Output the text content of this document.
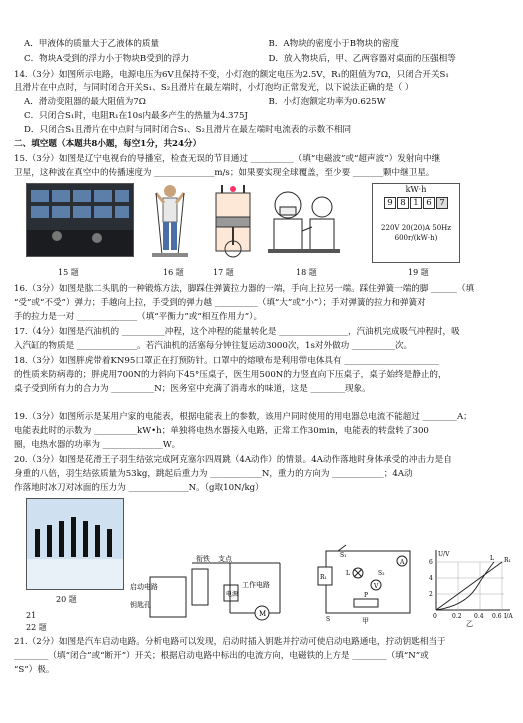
A．甲液体的质量大于乙液体的质量	B．A物块的密度小于B物块的密度
C．物块A受到的浮力小于物块B受到的浮力	D．放入物块后，甲、乙两容器对桌面的压强相等
14.（3分）如图所示电路，电源电压为6V且保持不变，小灯泡的额定电压为2.5V，R₁的阻值为7Ω，只闭合开关S₁
且滑片在中点时，与同时闭合开关S₁、S₂且滑片在最左端时，小灯泡均正常发光，以下说法正确的是（ ）
A．滑动变阻器的最大阻值为7Ω	B．小灯泡额定功率为0.625W
C．只闭合S₁时，电阻R₁在10s内最多产生的热量为4.375J
D．只闭合S₁且滑片在中点时与同时闭合S₁、S₂且滑片在最左端时电流表的示数不相同
二、填空题（本题共8小题，每空1分，共24分）
15.（3分）如图是辽宁电视台的导播室，检查无误的节目通过 __________（填“电磁波”或“超声波”）发射向中继
卫星，这种波在真空中的传播速度为 ______________m/s；如果要实现全球覆盖，至少要 _______颗中继卫星。
15 题	16 题	17 题	18 题
kW·h
9 8 1 6 7
220V 20(20)A 50Hz
600r/(kW·h)
19 题
16.（3分）如图是肱二头肌的一种锻炼方法，脚踩住弹簧拉力器的一端，手向上拉另一端。踩住弹簧一端的脚 ______（填
“受”或“不受”）弹力；手越向上拉，手受到的弹力越 __________（填“大”或“小”）；手对弹簧的拉力和弹簧对
手的拉力是一对 ______________（填“平衡力”或“相互作用力”）。
17.（4分）如图是汽油机的 __________冲程，这个冲程的能量转化是 ________________，汽油机完成吸气冲程时，吸
入汽缸的物质是 ______________。若汽油机的活塞每分钟往复运动3000次，1s对外做功 __________次。
18.（3分）如图胖虎带着KN95口罩正在打预防针。口罩中的熔喷布是利用带电体具有 ______________________
的性质来防病毒的；胖虎用700N的力斜向下45°压桌子，医生用500N的力竖直向下压桌子，桌子始终是静止的，
桌子受到所有力的合力为 __________N；医务室中充满了消毒水的味道，这是 ________现象。
19.（3分）如图所示是某用户家的电能表，根据电能表上的参数，该用户同时使用的用电器总电流不能超过 ________A；
电能表此时的示数为 __________kW•h；单独将电热水器接入电路，正常工作30min，电能表的转盘转了300
圈，电热水器的功率为 ______________W。
20.（3分）如图是花滑王子羽生结弦完成阿克塞尔四周跳（4A动作）的情景。4A动作落地时身体承受的冲击力是自
身重的八倍，羽生结弦质量为53kg，跳起后重力为 ____________N，重力的方向为 ____________；4A动
作落地时冰刀对冰面的压力为 ______________N。（g取10N/kg）
20 题
21
22 题
衔铁 支点
启动电路
钥匙孔
电源
工作电路
M
S₁
S₂
R₁
L
V
A
P
S	甲
U/V
I/A
2
4
6
0	0.2 0.4 0.6
L R₁
乙
21.（2分）如图是汽车启动电路。分析电路可以发现，启动时插入钥匙并拧动可使启动电路通电，拧动钥匙相当于
________（填“闭合”或“断开”）开关；根据启动电路中标出的电流方向，电磁铁的上方是 ________（填“N”或
“S”）极。
